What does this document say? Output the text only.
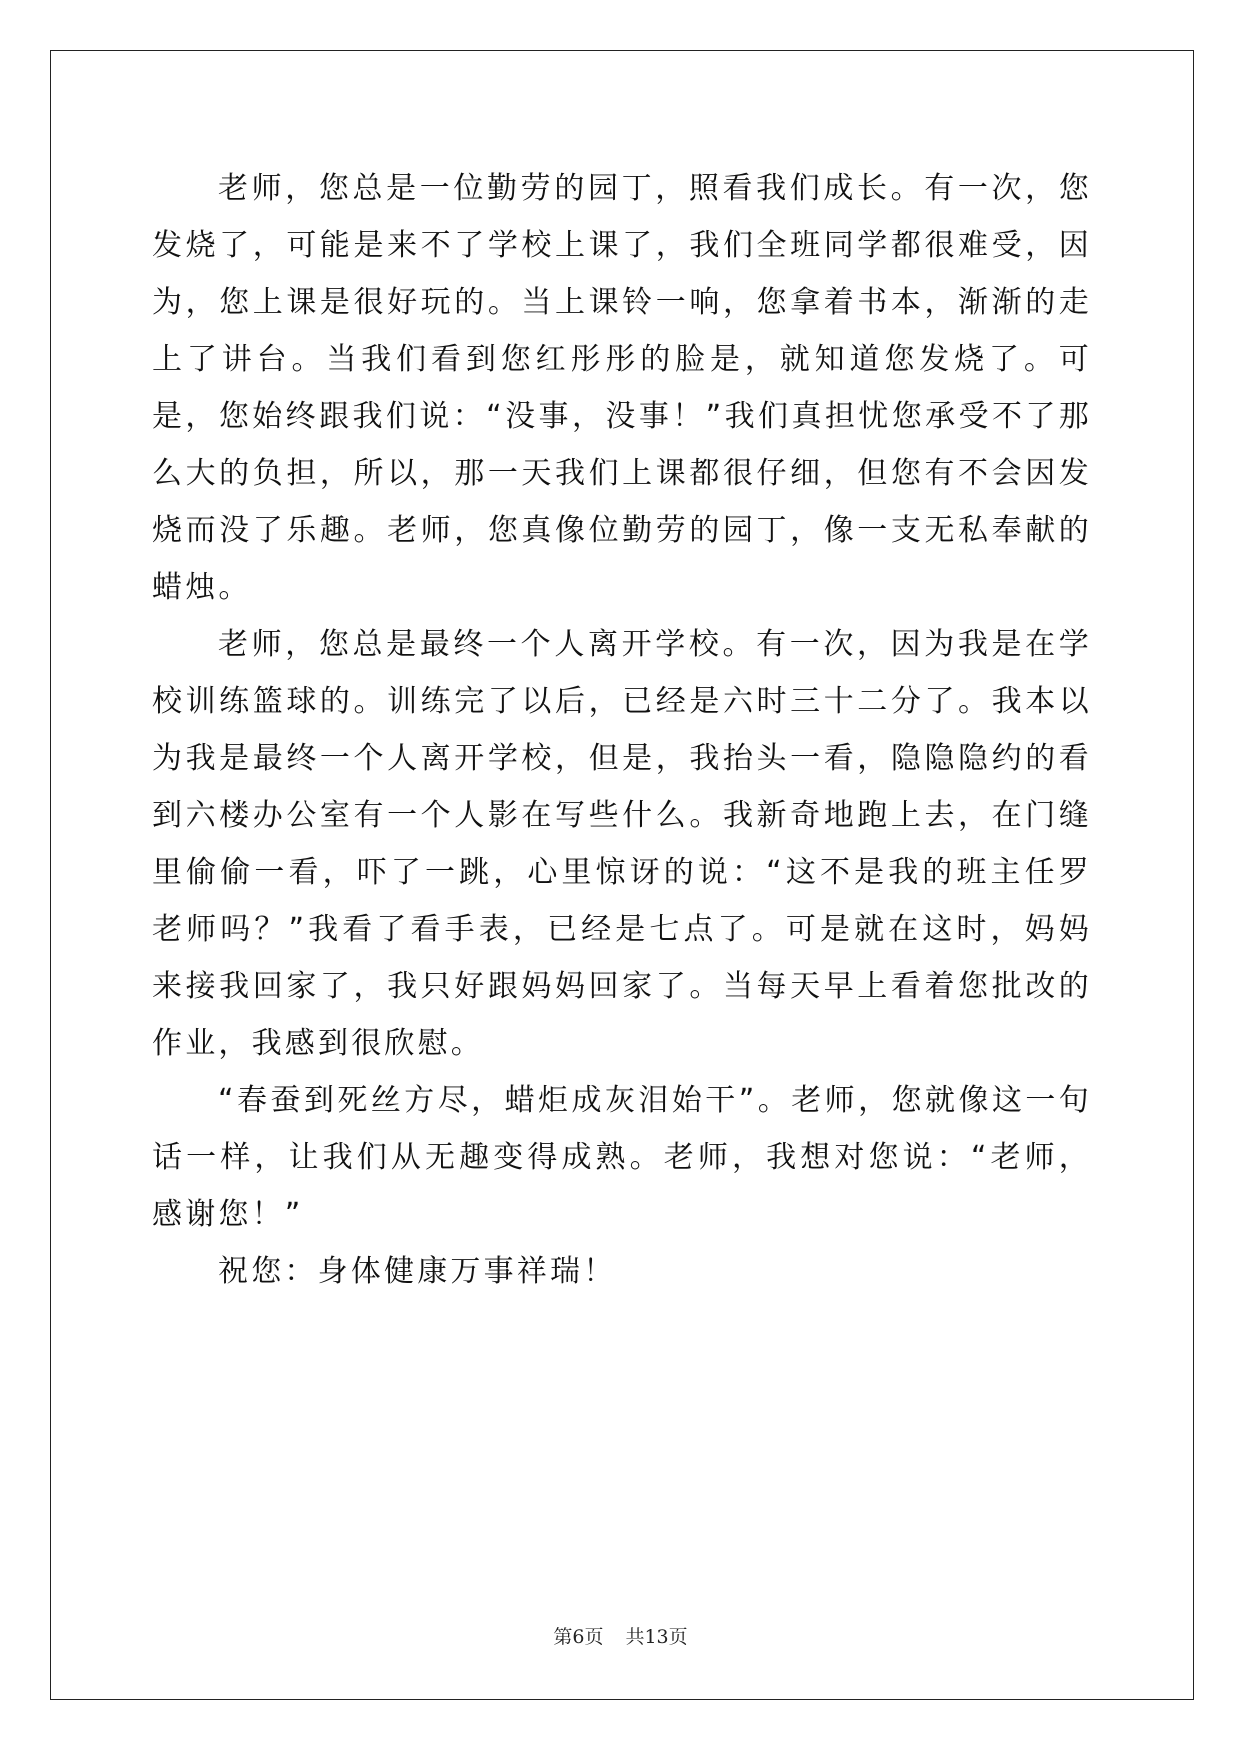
老师，您总是一位勤劳的园丁，照看我们成长。有一次，您发烧了，可能是来不了学校上课了，我们全班同学都很难受，因为，您上课是很好玩的。当上课铃一响，您拿着书本，渐渐的走上了讲台。当我们看到您红彤彤的脸是，就知道您发烧了。可是，您始终跟我们说：“没事，没事！”我们真担忧您承受不了那么大的负担，所以，那一天我们上课都很仔细，但您有不会因发烧而没了乐趣。老师，您真像位勤劳的园丁，像一支无私奉献的蜡烛。

老师，您总是最终一个人离开学校。有一次，因为我是在学校训练篮球的。训练完了以后，已经是六时三十二分了。我本以为我是最终一个人离开学校，但是，我抬头一看，隐隐隐约的看到六楼办公室有一个人影在写些什么。我新奇地跑上去，在门缝里偷偷一看，吓了一跳，心里惊讶的说：“这不是我的班主任罗老师吗？”我看了看手表，已经是七点了。可是就在这时，妈妈来接我回家了，我只好跟妈妈回家了。当每天早上看着您批改的作业，我感到很欣慰。

“春蚕到死丝方尽，蜡炬成灰泪始干”。老师，您就像这一句话一样，让我们从无趣变得成熟。老师，我想对您说：“老师，感谢您！”

祝您：身体健康万事祥瑞！

第6页 共13页
